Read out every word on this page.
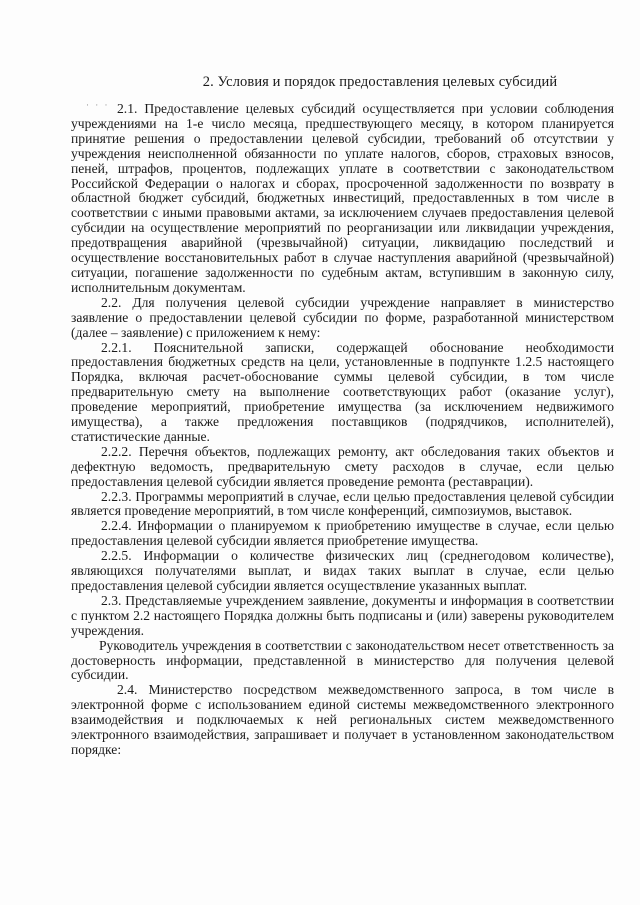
· · ·
2. Условия и порядок предоставления целевых субсидий

2.1. Предоставление целевых субсидий осуществляется при условии соблюдения учреждениями на 1-е число месяца, предшествующего месяцу, в котором планируется принятие решения о предоставлении целевой субсидии, требований об отсутствии у учреждения неисполненной обязанности по уплате налогов, сборов, страховых взносов, пеней, штрафов, процентов, подлежащих уплате в соответствии с законодательством Российской Федерации о налогах и сборах, просроченной задолженности по возврату в областной бюджет субсидий, бюджетных инвестиций, предоставленных в том числе в соответствии с иными правовыми актами, за исключением случаев предоставления целевой субсидии на осуществление мероприятий по реорганизации или ликвидации учреждения, предотвращения аварийной (чрезвычайной) ситуации, ликвидацию последствий и осуществление восстановительных работ в случае наступления аварийной (чрезвычайной) ситуации, погашение задолженности по судебным актам, вступившим в законную силу, исполнительным документам.

2.2. Для получения целевой субсидии учреждение направляет в министерство заявление о предоставлении целевой субсидии по форме, разработанной министерством (далее – заявление) с приложением к нему:

2.2.1. Пояснительной записки, содержащей обоснование необходимости предоставления бюджетных средств на цели, установленные в подпункте 1.2.5 настоящего Порядка, включая расчет-обоснование суммы целевой субсидии, в том числе предварительную смету на выполнение соответствующих работ (оказание услуг), проведение мероприятий, приобретение имущества (за исключением недвижимого имущества), а также предложения поставщиков (подрядчиков, исполнителей), статистические данные.

2.2.2. Перечня объектов, подлежащих ремонту, акт обследования таких объектов и дефектную ведомость, предварительную смету расходов в случае, если целью предоставления целевой субсидии является проведение ремонта (реставрации).

2.2.3. Программы мероприятий в случае, если целью предоставления целевой субсидии является проведение мероприятий, в том числе конференций, симпозиумов, выставок.

2.2.4. Информации о планируемом к приобретению имуществе в случае, если целью предоставления целевой субсидии является приобретение имущества.

2.2.5. Информации о количестве физических лиц (среднегодовом количестве), являющихся получателями выплат, и видах таких выплат в случае, если целью предоставления целевой субсидии является осуществление указанных выплат.

2.3. Представляемые учреждением заявление, документы и информация в соответствии с пунктом 2.2 настоящего Порядка должны быть подписаны и (или) заверены руководителем учреждения.

Руководитель учреждения в соответствии с законодательством несет ответственность за достоверность информации, представленной в министерство для получения целевой субсидии.

2.4. Министерство посредством межведомственного запроса, в том числе в электронной форме с использованием единой системы межведомственного электронного взаимодействия и подключаемых к ней региональных систем межведомственного электронного взаимодействия, запрашивает и получает в установленном законодательством порядке:
